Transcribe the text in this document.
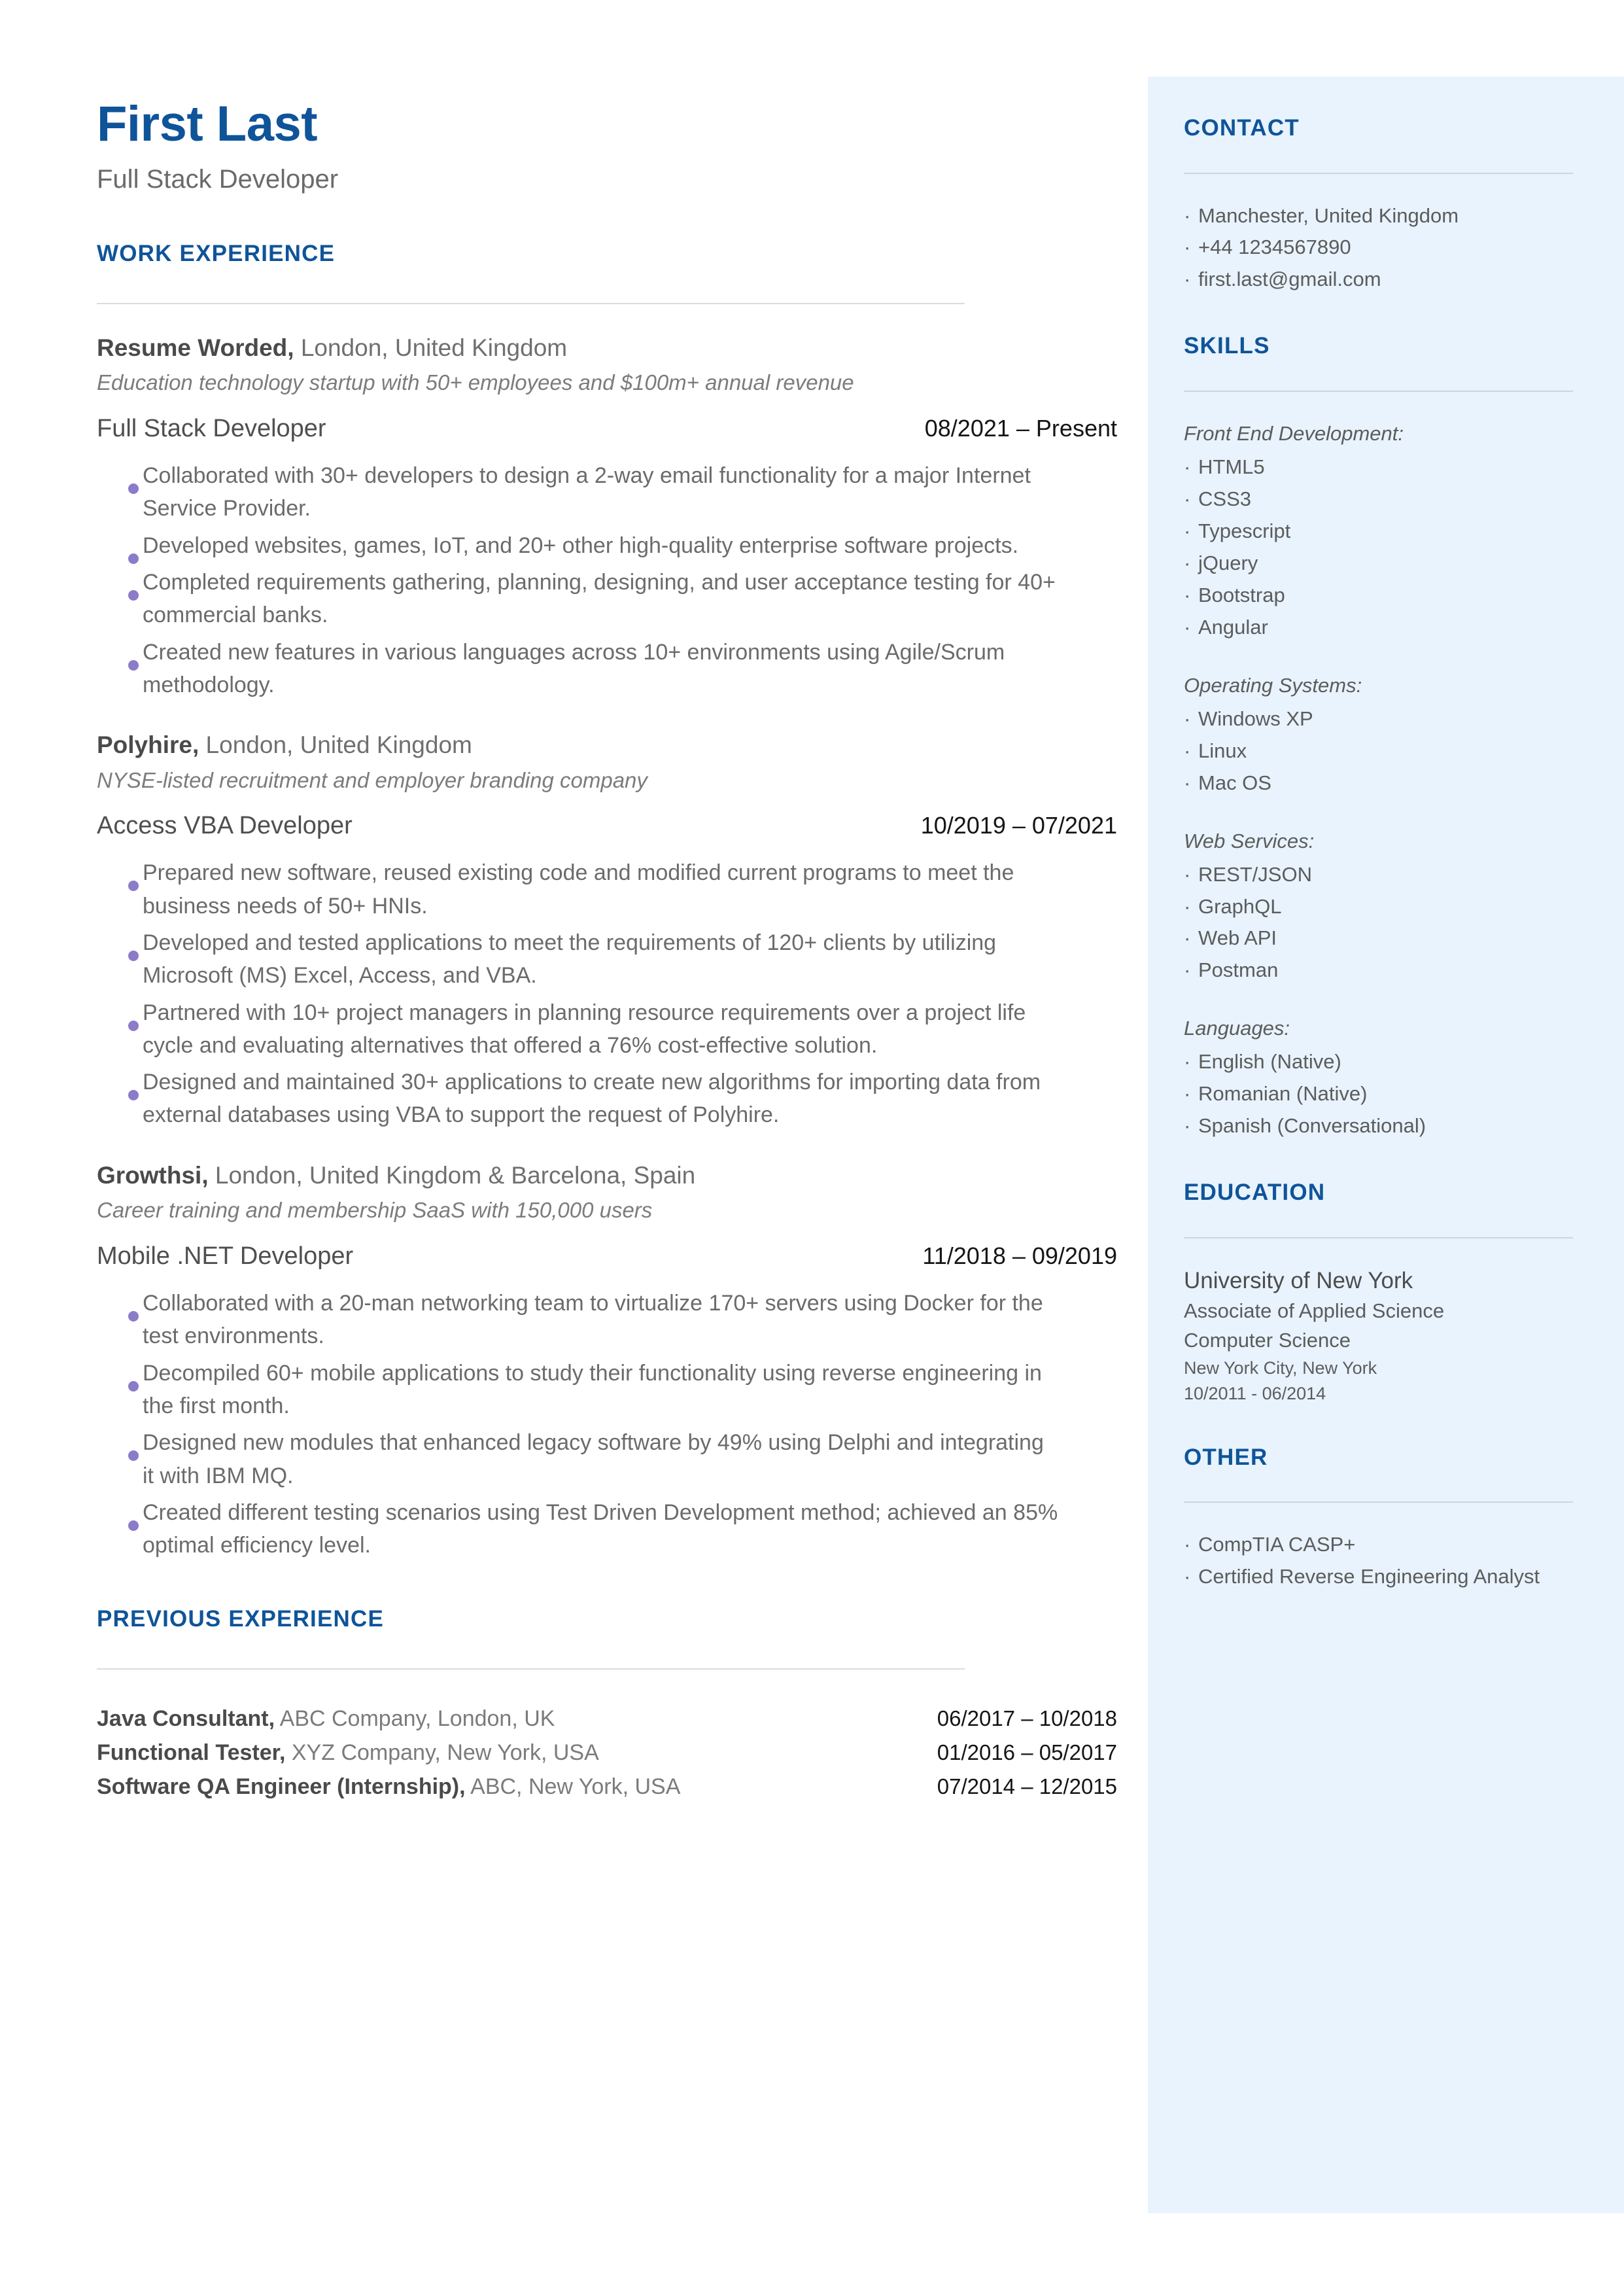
First Last
Full Stack Developer
WORK EXPERIENCE

Resume Worded, London, United Kingdom

Education technology startup with 50+ employees and $100m+ annual revenue

Full Stack Developer	08/2021 – Present
Collaborated with 30+ developers to design a 2-way email functionality for a major Internet Service Provider.
Developed websites, games, IoT, and 20+ other high-quality enterprise software projects.
Completed requirements gathering, planning, designing, and user acceptance testing for 40+ commercial banks.
Created new features in various languages across 10+ environments using Agile/Scrum methodology.

Polyhire, London, United Kingdom

NYSE-listed recruitment and employer branding company

Access VBA Developer	10/2019 – 07/2021
Prepared new software, reused existing code and modified current programs to meet the business needs of 50+ HNIs.
Developed and tested applications to meet the requirements of 120+ clients by utilizing Microsoft (MS) Excel, Access, and VBA.
Partnered with 10+ project managers in planning resource requirements over a project life cycle and evaluating alternatives that offered a 76% cost-effective solution.
Designed and maintained 30+ applications to create new algorithms for importing data from external databases using VBA to support the request of Polyhire.

Growthsi, London, United Kingdom & Barcelona, Spain

Career training and membership SaaS with 150,000 users

Mobile .NET Developer	11/2018 – 09/2019
Collaborated with a 20-man networking team to virtualize 170+ servers using Docker for the test environments.
Decompiled 60+ mobile applications to study their functionality using reverse engineering in the first month.
Designed new modules that enhanced legacy software by 49% using Delphi and integrating it with IBM MQ.
Created different testing scenarios using Test Driven Development method; achieved an 85% optimal efficiency level.
PREVIOUS EXPERIENCE
Java Consultant, ABC Company, London, UK	06/2017 – 10/2018
Functional Tester, XYZ Company, New York, USA	01/2016 – 05/2017
Software QA Engineer (Internship), ABC, New York, USA	07/2014 – 12/2015
CONTACT
· Manchester, United Kingdom
· +44 1234567890
· first.last@gmail.com
SKILLS
Front End Development:
· HTML5
· CSS3
· Typescript
· jQuery
· Bootstrap
· Angular
Operating Systems:
· Windows XP
· Linux
· Mac OS
Web Services:
· REST/JSON
· GraphQL
· Web API
· Postman
Languages:
· English (Native)
· Romanian (Native)
· Spanish (Conversational)
EDUCATION

University of New York

Associate of Applied Science

Computer Science

New York City, New York

10/2011 - 06/2014

OTHER
· CompTIA CASP+
· Certified Reverse Engineering Analyst
